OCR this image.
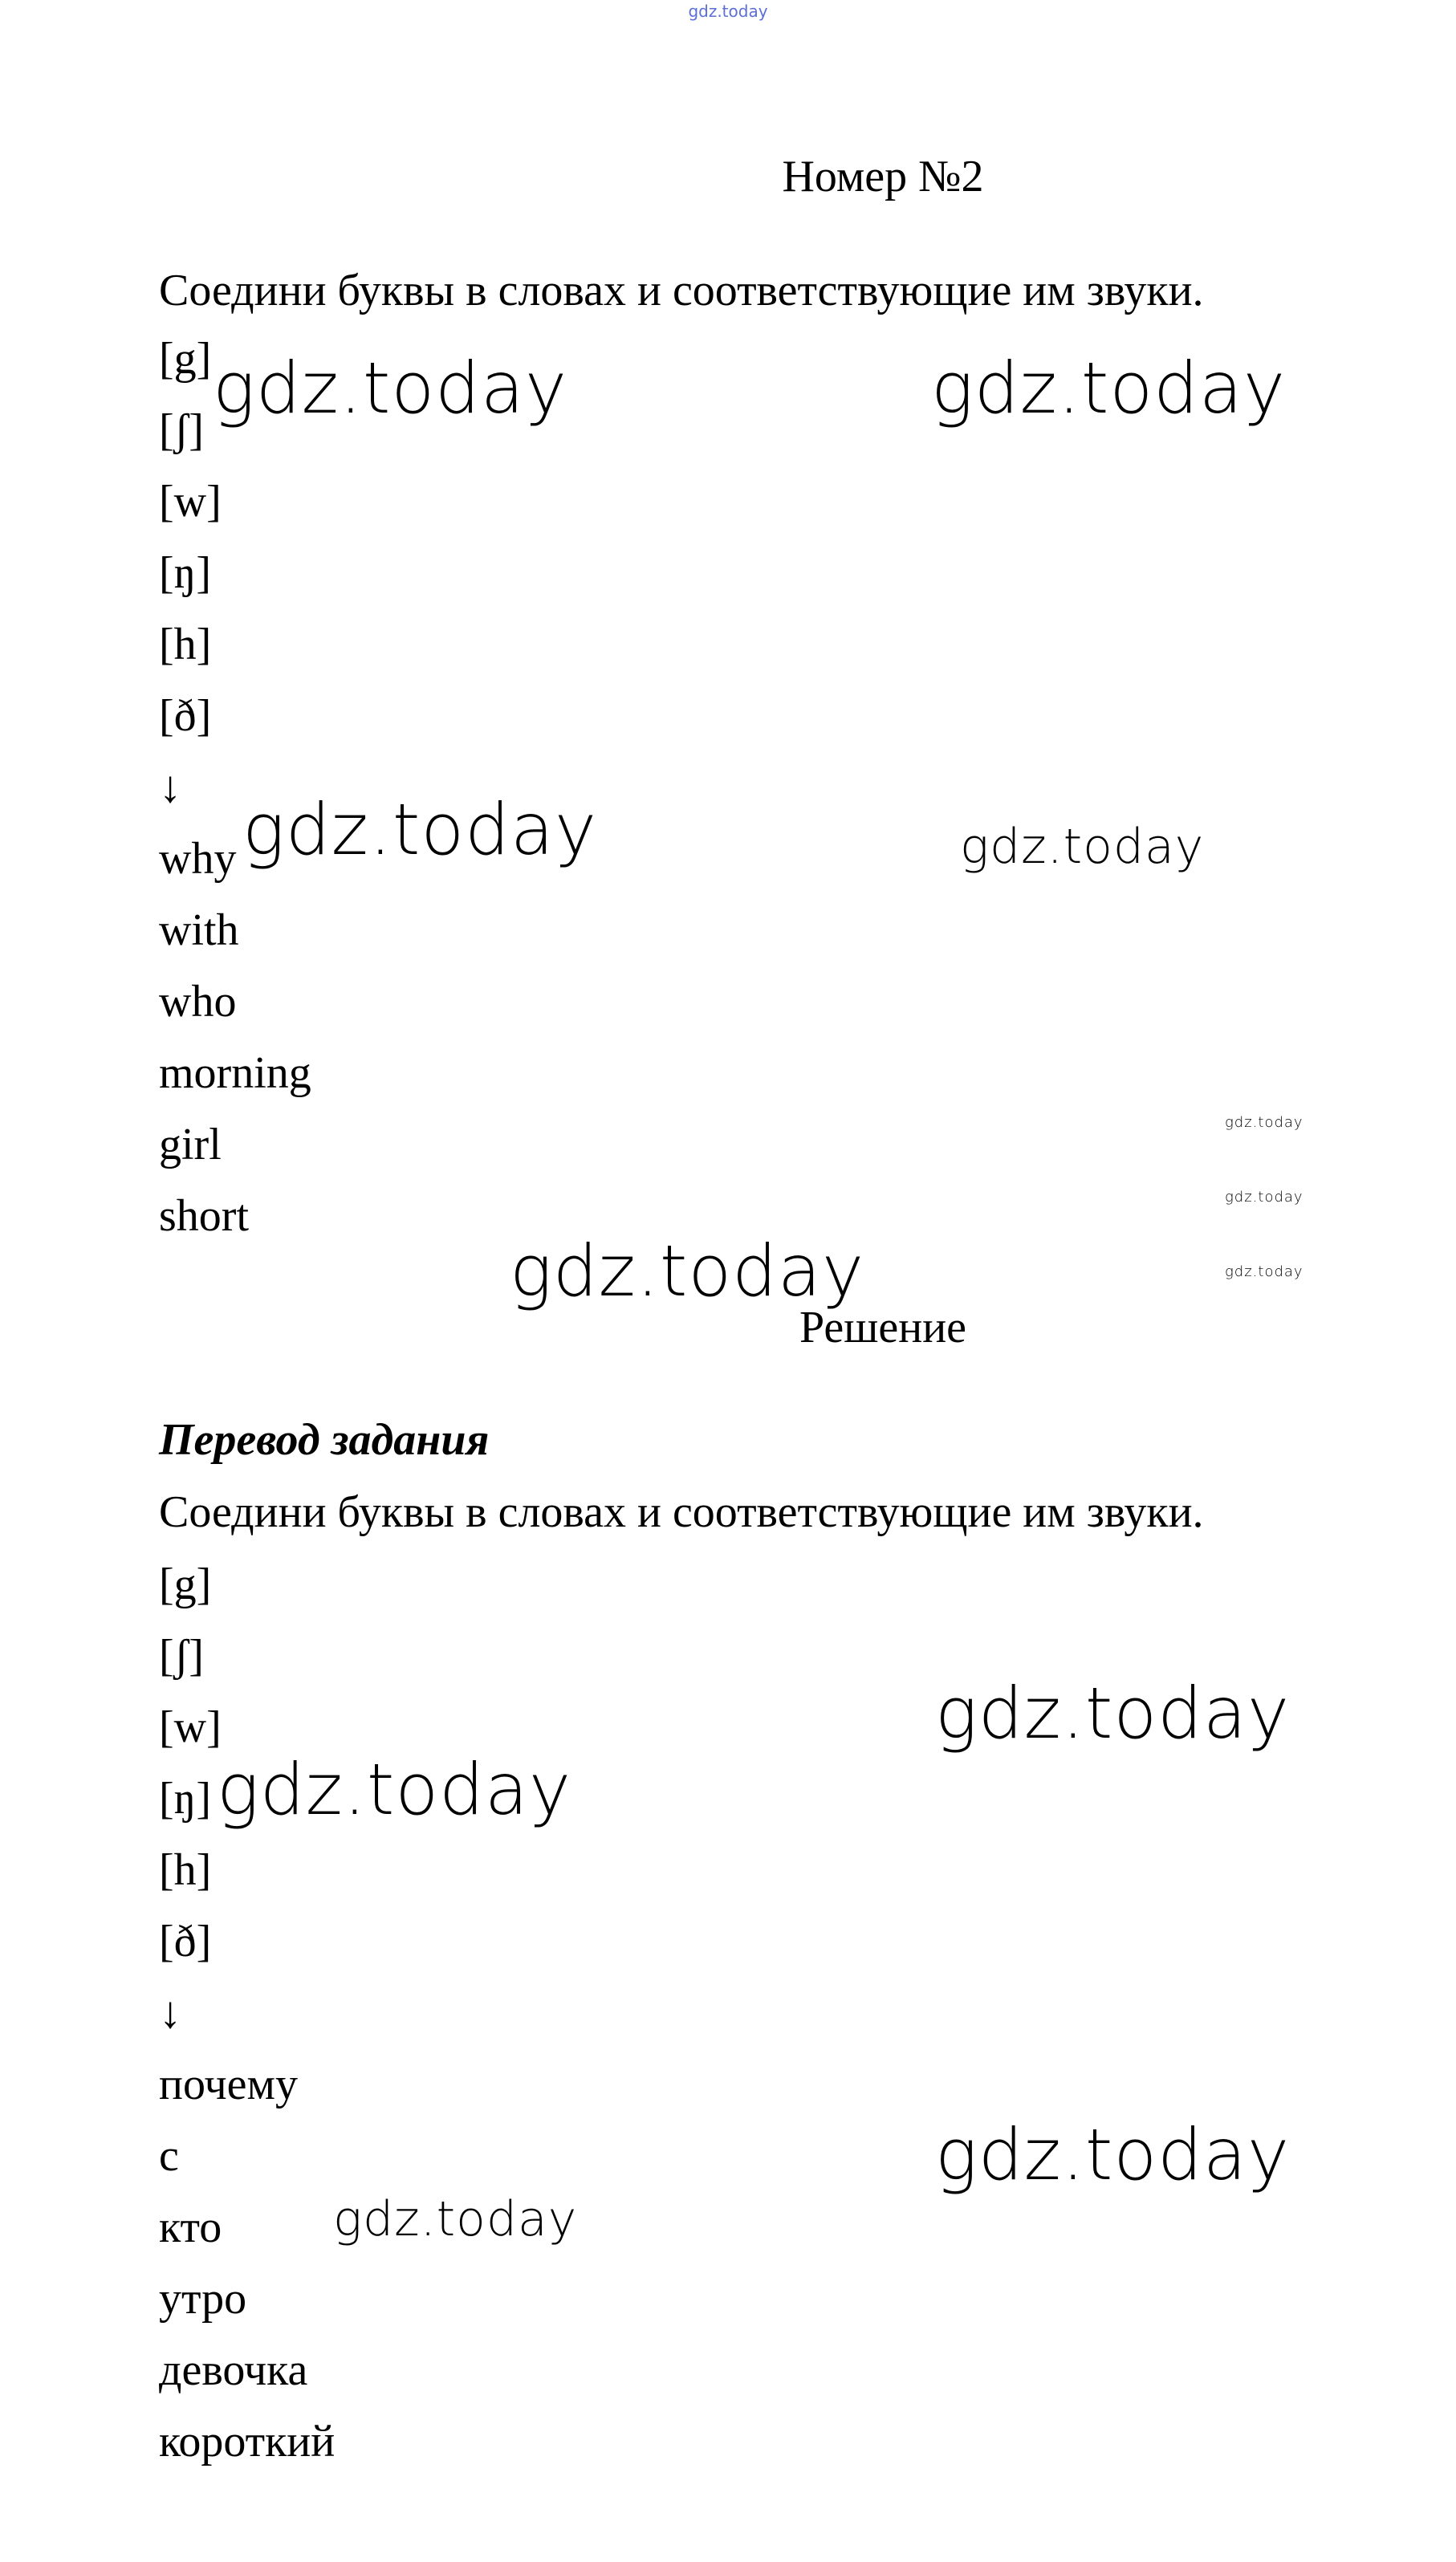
gdz.today
Номер №2
Соедини буквы в словах и соответствующие им звуки.
[g]
[ʃ]
[w]
[ŋ]
[h]
[ð]
↓
why
with
who
morning
girl
short
Решение
Перевод задания
Соедини буквы в словах и соответствующие им звуки.
[g]
[ʃ]
[w]
[ŋ]
[h]
[ð]
↓
почему
с
кто
утро
девочка
короткий
gdz.today	gdz.today
gdz.today	gdz.today
gdz.today
gdz.today
gdz.today
gdz.today
gdz.today
gdz.today
gdz.today
gdz.today
